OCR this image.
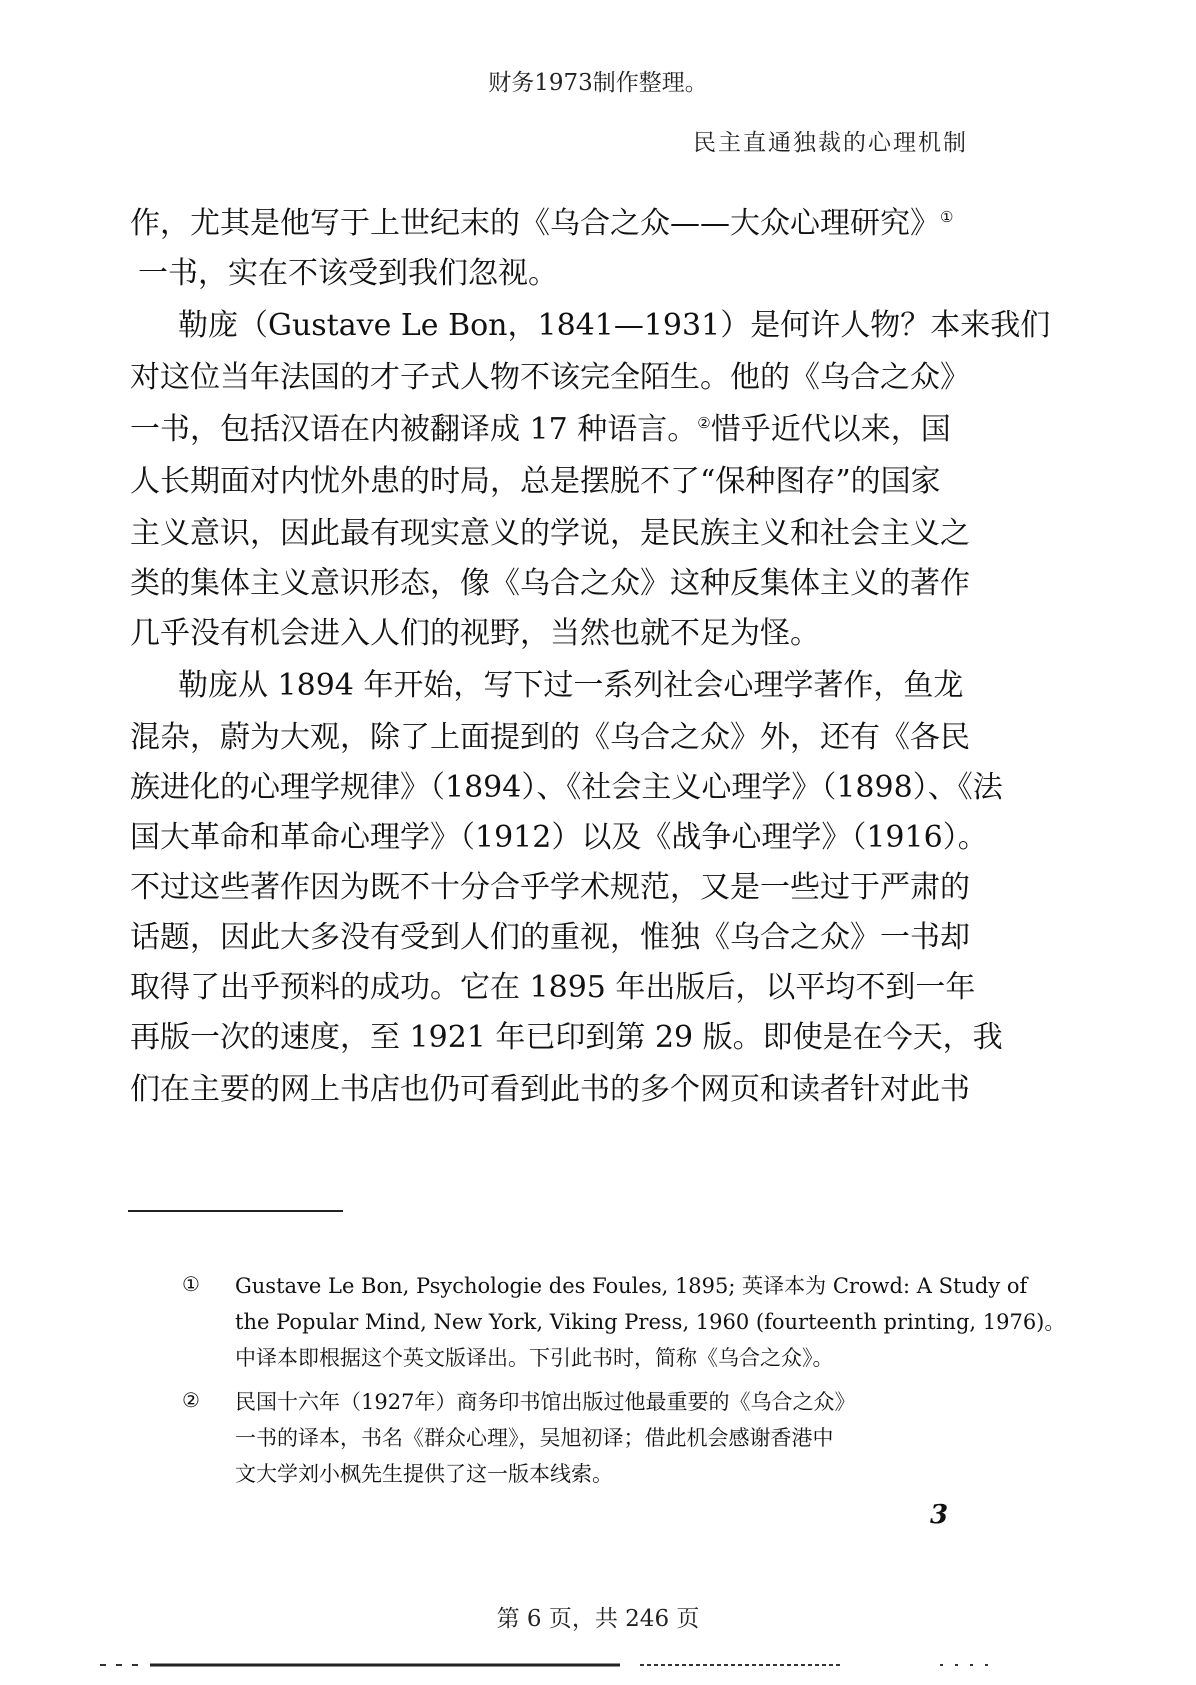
财务1973制作整理。
民主直通独裁的心理机制
作，尤其是他写于上世纪末的《乌合之众——大众心理研究》①
一书，实在不该受到我们忽视。
勒庞（Gustave Le Bon，1841—1931）是何许人物？本来我们
对这位当年法国的才子式人物不该完全陌生。他的《乌合之众》
一书，包括汉语在内被翻译成 17 种语言。②惜乎近代以来，国
人长期面对内忧外患的时局，总是摆脱不了“保种图存”的国家
主义意识，因此最有现实意义的学说，是民族主义和社会主义之
类的集体主义意识形态，像《乌合之众》这种反集体主义的著作
几乎没有机会进入人们的视野，当然也就不足为怪。
勒庞从 1894 年开始，写下过一系列社会心理学著作，鱼龙
混杂，蔚为大观，除了上面提到的《乌合之众》外，还有《各民
族进化的心理学规律》（1894）、《社会主义心理学》（1898）、《法
国大革命和革命心理学》（1912）以及《战争心理学》（1916）。
不过这些著作因为既不十分合乎学术规范，又是一些过于严肃的
话题，因此大多没有受到人们的重视，惟独《乌合之众》一书却
取得了出乎预料的成功。它在 1895 年出版后，以平均不到一年
再版一次的速度，至 1921 年已印到第 29 版。即使是在今天，我
们在主要的网上书店也仍可看到此书的多个网页和读者针对此书
① Gustave Le Bon, Psychologie des Foules, 1895; 英译本为 Crowd: A Study of
the Popular Mind, New York, Viking Press, 1960 (fourteenth printing, 1976)。
中译本即根据这个英文版译出。下引此书时，简称《乌合之众》。
② 民国十六年（1927年）商务印书馆出版过他最重要的《乌合之众》
一书的译本，书名《群众心理》，吴旭初译；借此机会感谢香港中
文大学刘小枫先生提供了这一版本线索。
3
第 6 页，共 246 页
